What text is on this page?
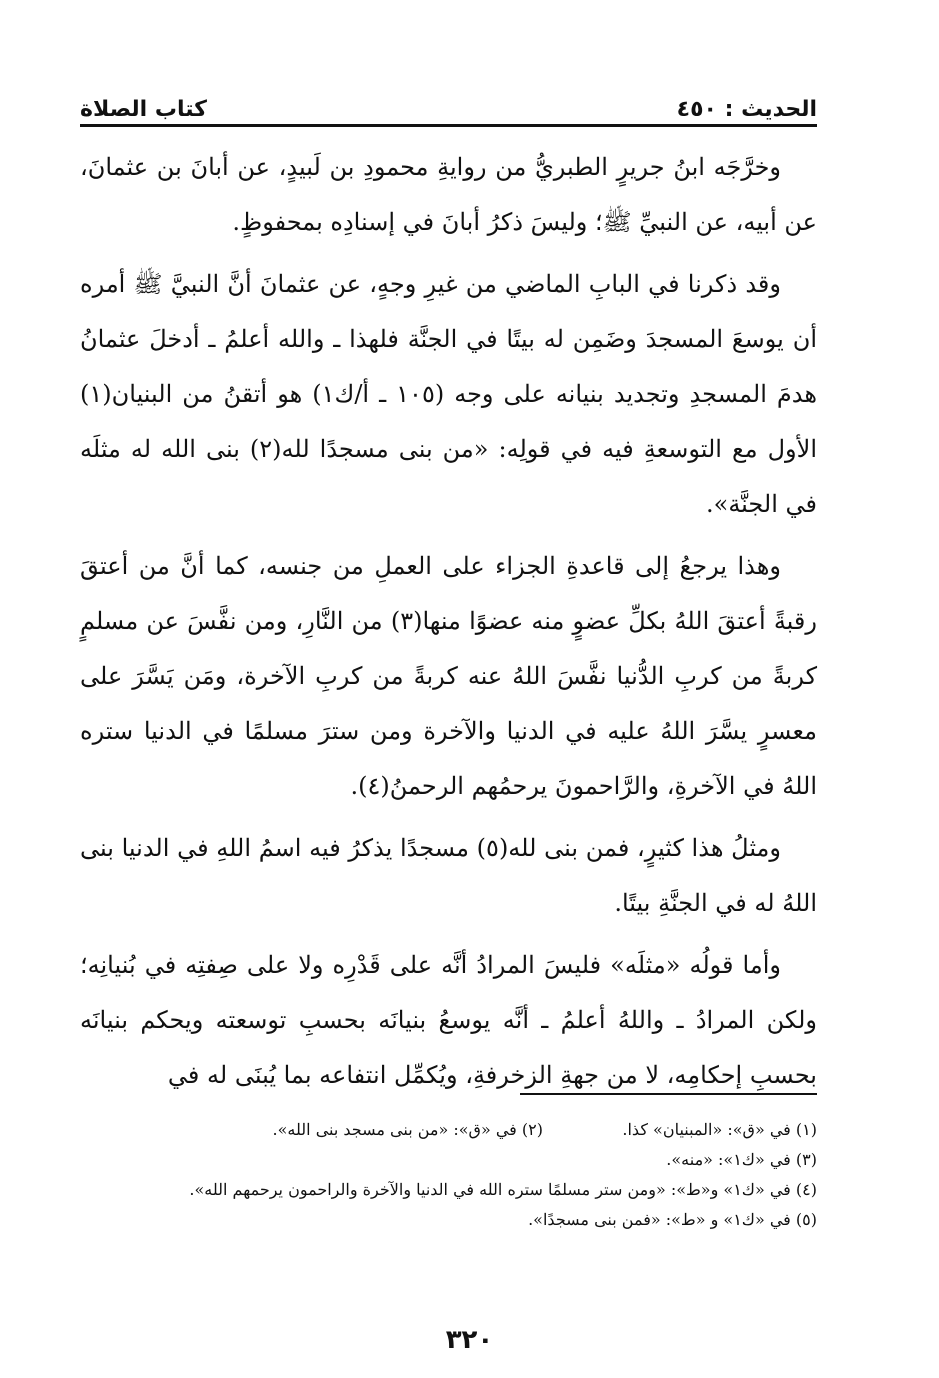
الحديث : ٤٥٠
كتاب الصلاة

وخرَّجَه ابنُ جريرٍ الطبريُّ من روايةِ محمودِ بن لَبيدٍ، عن أبانَ بن عثمانَ، عن أبيه، عن النبيِّ ﷺ؛ وليسَ ذكرُ أبانَ في إسنادِه بمحفوظٍ.

وقد ذكرنا في البابِ الماضي من غيرِ وجهٍ، عن عثمانَ أنَّ النبيَّ ﷺ أمره أن يوسعَ المسجدَ وضَمِن له بيتًا في الجنَّة فلهذا ـ والله أعلمُ ـ أدخلَ عثمانُ هدمَ المسجدِ وتجديد بنيانه على وجه (١٠٥ ـ أ/ك١) هو أتقنُ من البنيان(١) الأول مع التوسعةِ فيه في قولِه: «من بنى مسجدًا لله(٢) بنى الله له مثلَه في الجنَّة».

وهذا يرجعُ إلى قاعدةِ الجزاء على العملِ من جنسه، كما أنَّ من أعتقَ رقبةً أعتقَ اللهُ بكلِّ عضوٍ منه عضوًا منها(٣) من النَّارِ، ومن نفَّسَ عن مسلمٍ كربةً من كربِ الدُّنيا نفَّسَ اللهُ عنه كربةً من كربِ الآخرة، ومَن يَسَّرَ على معسرٍ يسَّرَ اللهُ عليه في الدنيا والآخرة ومن سترَ مسلمًا في الدنيا ستره اللهُ في الآخرةِ، والرَّاحمونَ يرحمُهم الرحمنُ(٤).

ومثلُ هذا كثيرٍ، فمن بنى لله(٥) مسجدًا يذكرُ فيه اسمُ اللهِ في الدنيا بنى اللهُ له في الجنَّةِ بيتًا.

وأما قولُه «مثلَه» فليسَ المرادُ أنَّه على قَدْرِه ولا على صِفتِه في بُنيانِه؛ ولكن المرادُ ـ واللهُ أعلمُ ـ أنَّه يوسعُ بنيانَه بحسبِ توسعته ويحكم بنيانَه بحسبِ إحكامِه، لا من جهةِ الزخرفةِ، ويُكمِّل انتفاعه بما يُبنَى له في

(١) في «ق»: «المبنيان» كذا.
(٢) في «ق»: «من بنى مسجد بنى الله».
(٣) في «ك١»: «منه».
(٤) في «ك١» و«ط»: «ومن ستر مسلمًا ستره الله في الدنيا والآخرة والراحمون يرحمهم الله».
(٥) في «ك١» و «ط»: «فمن بنى مسجدًا».
٣٢٠
